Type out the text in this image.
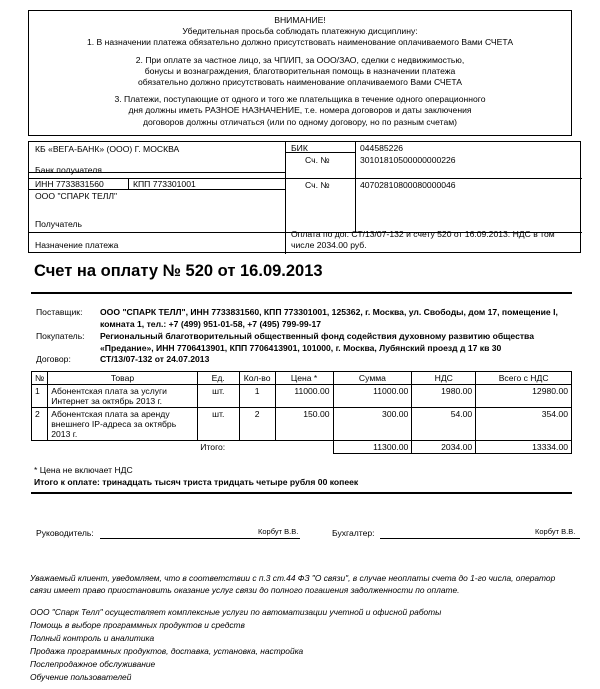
ВНИМАНИЕ!
Убедительная просьба соблюдать платежную дисциплину:
1. В назначении платежа обязательно должно присутствовать наименование оплачиваемого Вами СЧЕТА
2. При оплате за частное лицо, за ЧП/ИП, за ООО/ЗАО, сделки с недвижимостью,
бонусы и вознаграждения, благотворительная помощь в назначении платежа
обязательно должно присутствовать наименование оплачиваемого Вами СЧЕТА
3. Платежи, поступающие от одного и того же плательщика в течение одного операционного
дня должны иметь РАЗНОЕ НАЗНАЧЕНИЕ, т.е. номера договоров и даты заключения
договоров должны отличаться (или по одному договору, но по разным счетам)
КБ «ВЕГА-БАНК» (ООО) Г. МОСКВА
Банк получателя
БИК	044585226
Сч. №	30101810500000000226
ИНН 7733831560	КПП 773301001	Сч. №	40702810800080000046
ООО "СПАРК ТЕЛЛ"
Получатель
Назначение платежа
Оплата по дог. СТ/13/07-132 и счету 520 от 16.09.2013. НДС в том
числе 2034.00 руб.
Счет на оплату № 520 от 16.09.2013
Поставщик: ООО "СПАРК ТЕЛЛ", ИНН 7733831560, КПП 773301001, 125362, г. Москва, ул. Свободы, дом 17, помещение I, комната 1, тел.: +7 (499) 951-01-58, +7 (495) 799-99-17
Покупатель: Региональный благотворительный общественный фонд содействия духовному развитию общества «Предание», ИНН 7706413901, КПП 7706413901, 101000, г. Москва, Лубянский проезд д 17 кв 30
Договор:	СТ/13/07-132 от 24.07.2013
№	Товар	Ед.	Кол-во	Цена *	Сумма	НДС	Всего с НДС
1	Абонентская плата за услуги Интернет за октябрь 2013 г.	шт.	1	11000.00	11000.00	1980.00	12980.00
2	Абонентская плата за аренду внешнего IP-адреса за октябрь 2013 г.	шт.	2	150.00	300.00	54.00	354.00
		Итого:			11300.00	2034.00	13334.00
* Цена не включает НДС
Итого к оплате: тринадцать тысяч триста тридцать четыре рубля 00 копеек
Руководитель:	Корбут В.В.	Бухгалтер:	Корбут В.В.
Уважаемый клиент, уведомляем, что в соответствии с п.3 ст.44 ФЗ "О связи", в случае неоплаты счета до 1-го числа, оператор
связи имеет право приостановить оказание услуг связи до полного погашения задолженности по оплате.
ООО "Спарк Телл" осуществляет комплексные услуги по автоматизации учетной и офисной работы
Помощь в выборе программных продуктов и средств
Полный контроль и аналитика
Продажа программных продуктов, доставка, установка, настройка
Послепродажное обслуживание
Обучение пользователей
